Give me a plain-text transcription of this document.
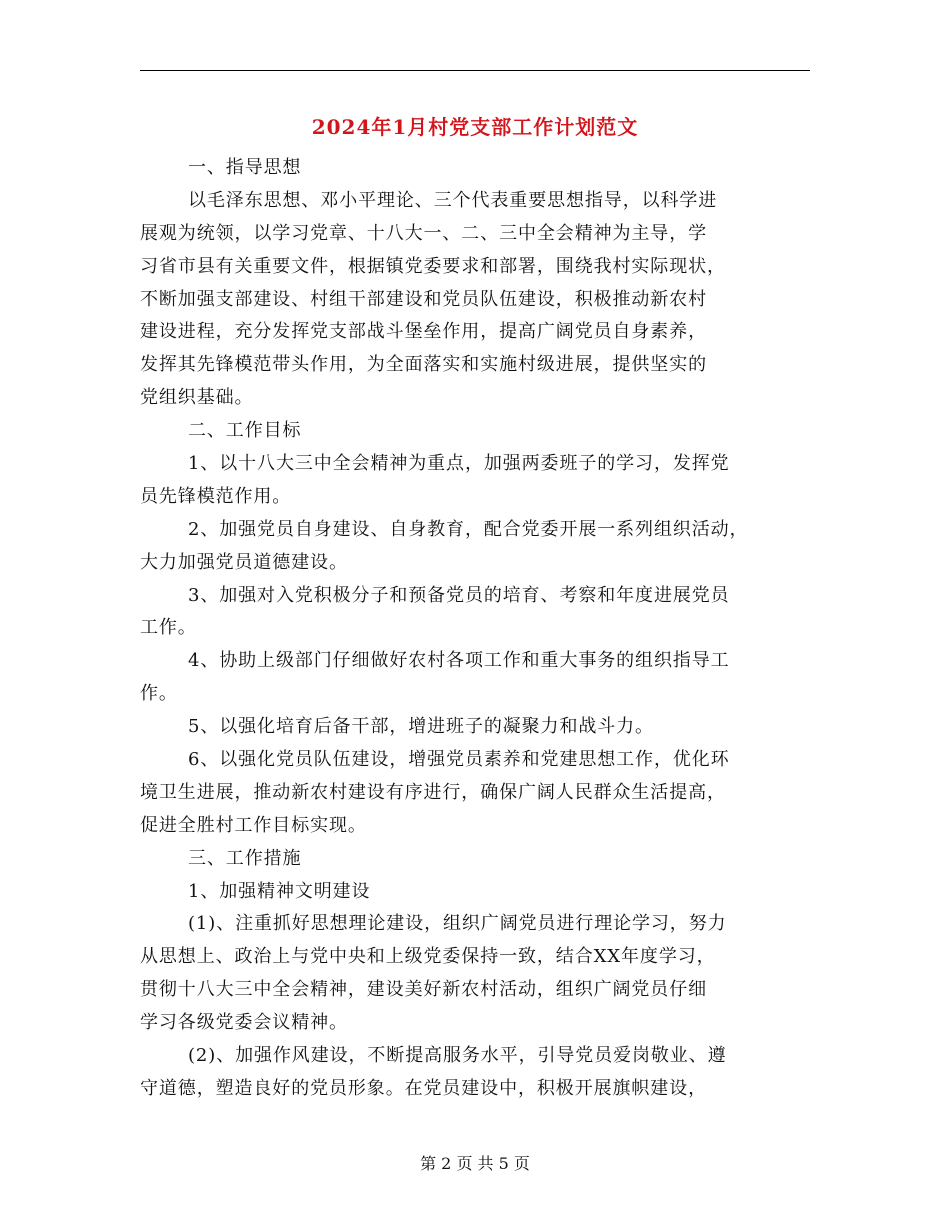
2024年1月村党支部工作计划范文
一、指导思想
以毛泽东思想、邓小平理论、三个代表重要思想指导，以科学进
展观为统领，以学习党章、十八大一、二、三中全会精神为主导，学
习省市县有关重要文件，根据镇党委要求和部署，围绕我村实际现状，
不断加强支部建设、村组干部建设和党员队伍建设，积极推动新农村
建设进程，充分发挥党支部战斗堡垒作用，提高广阔党员自身素养，
发挥其先锋模范带头作用，为全面落实和实施村级进展，提供坚实的
党组织基础。
二、工作目标
1、以十八大三中全会精神为重点，加强两委班子的学习，发挥党
员先锋模范作用。
2、加强党员自身建设、自身教育，配合党委开展一系列组织活动，
大力加强党员道德建设。
3、加强对入党积极分子和预备党员的培育、考察和年度进展党员
工作。
4、协助上级部门仔细做好农村各项工作和重大事务的组织指导工
作。
5、以强化培育后备干部，增进班子的凝聚力和战斗力。
6、以强化党员队伍建设，增强党员素养和党建思想工作，优化环
境卫生进展，推动新农村建设有序进行，确保广阔人民群众生活提高，
促进全胜村工作目标实现。
三、工作措施
1、加强精神文明建设
(1)、注重抓好思想理论建设，组织广阔党员进行理论学习，努力
从思想上、政治上与党中央和上级党委保持一致，结合XX年度学习，
贯彻十八大三中全会精神，建设美好新农村活动，组织广阔党员仔细
学习各级党委会议精神。
(2)、加强作风建设，不断提高服务水平，引导党员爱岗敬业、遵
守道德，塑造良好的党员形象。在党员建设中，积极开展旗帜建设，
第 2 页 共 5 页
